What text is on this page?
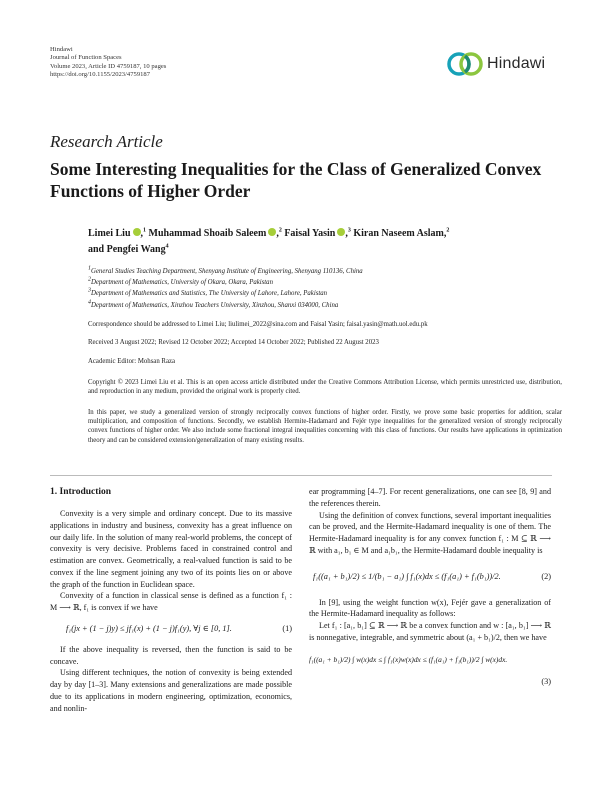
Hindawi
Journal of Function Spaces
Volume 2023, Article ID 4759187, 10 pages
https://doi.org/10.1155/2023/4759187
Hindawi
Research Article
Some Interesting Inequalities for the Class of Generalized Convex Functions of Higher Order
Limei Liu ,$^1$ Muhammad Shoaib Saleem ,$^2$ Faisal Yasin ,$^3$ Kiran Naseem Aslam,$^2$
and Pengfei Wang$^4$
$^1$General Studies Teaching Department, Shenyang Institute of Engineering, Shenyang 110136, China
$^2$Department of Mathematics, University of Okara, Okara, Pakistan
$^3$Department of Mathematics and Statistics, The University of Lahore, Lahore, Pakistan
$^4$Department of Mathematics, Xinzhou Teachers University, Xinzhou, Shanxi 034000, China
Correspondence should be addressed to Limei Liu; liulimei_2022@sina.com and Faisal Yasin; faisal.yasin@math.uol.edu.pk
Received 3 August 2022; Revised 12 October 2022; Accepted 14 October 2022; Published 22 August 2023
Academic Editor: Mohsan Raza
Copyright © 2023 Limei Liu et al. This is an open access article distributed under the Creative Commons Attribution License, which permits unrestricted use, distribution, and reproduction in any medium, provided the original work is properly cited.
In this paper, we study a generalized version of strongly reciprocally convex functions of higher order. Firstly, we prove some basic properties for addition, scalar multiplication, and composition of functions. Secondly, we establish Hermite-Hadamard and Fejér type inequalities for the generalized version of strongly reciprocally convex functions of higher order. We also include some fractional integral inequalities concerning with this class of functions. Our results have applications in optimization theory and can be considered extension/generalization of many existing results.
1. Introduction

Convexity is a very simple and ordinary concept. Due to its massive applications in industry and business, convexity has a great influence on our daily life. In the solution of many real-world problems, the concept of convexity is very decisive. Problems faced in constrained control and estimation are convex. Geometrically, a real-valued function is said to be convex if the line segment joining any two of its points lies on or above the graph of the function in Euclidean space.

Convexity of a function in classical sense is defined as a function f₁ : M ⟶ ℝ, f₁ is convex if we have

f₁(jx + (1 − j)y) ≤ jf₁(x) + (1 − j)f₁(y), ∀j ∈ [0, 1].	(1)

If the above inequality is reversed, then the function is said to be concave.

Using different techniques, the notion of convexity is being extended day by day [1–3]. Many extensions and generalizations are made possible due to its applications in modern engineering, optimization, economics, and nonlin-

ear programming [4–7]. For recent generalizations, one can see [8, 9] and the references therein.

Using the definition of convex functions, several important inequalities can be proved, and the Hermite-Hadamard inequality is one of them. The Hermite-Hadamard inequality is for any convex function f₁ : M ⊆ ℝ ⟶ ℝ with a₁, b₁ ∈ M and a₁b₁, the Hermite-Hadamard double inequality is

f₁((a₁ + b₁)/2) ≤ 1/(b₁ − a₁) ∫ f₁(x)dx ≤ (f₁(a₁) + f₁(b₁))/2.	(2)

In [9], using the weight function w(x), Fejér gave a generalization of the Hermite-Hadamard inequality as follows:

Let f₁ : [a₁, b₁] ⊆ ℝ ⟶ ℝ be a convex function and w : [a₁, b₁] ⟶ ℝ is nonnegative, integrable, and symmetric about (a₁ + b₁)/2, then we have

f₁((a₁ + b₁)/2) ∫ w(x)dx ≤ ∫ f₁(x)w(x)dx ≤ (f₁(a₁) + f₁(b₁))/2 ∫ w(x)dx.
(3)
